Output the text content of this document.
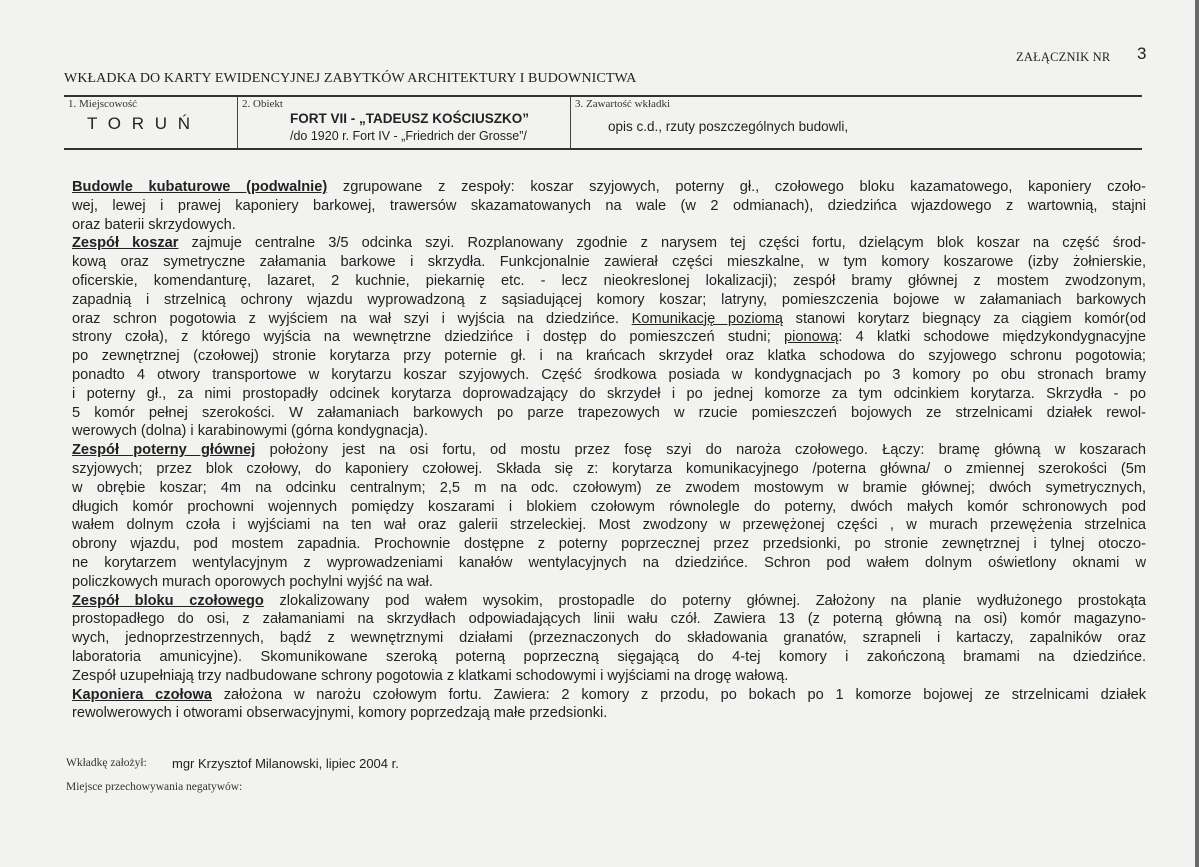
ZAŁĄCZNIK NR 3
WKŁADKA DO KARTY EWIDENCYJNEJ ZABYTKÓW ARCHITEKTURY I BUDOWNICTWA
1. Miejscowość
T O R U Ń
2. Obiekt
FORT VII - „TADEUSZ KOŚCIUSZKO”
/do 1920 r. Fort IV - „Friedrich der Grosse”/
3. Zawartość wkładki
opis c.d., rzuty poszczególnych budowli,
Budowle kubaturowe (podwalnie) zgrupowane z zespoły: koszar szyjowych, poterny gł., czołowego bloku kazamatowego, kaponiery czoło-
wej, lewej i prawej kaponiery barkowej, trawersów skazamatowanych na wale (w 2 odmianach), dziedzińca wjazdowego z wartownią, stajni
oraz baterii skrzydowych.
Zespół koszar zajmuje centralne 3/5 odcinka szyi. Rozplanowany zgodnie z narysem tej części fortu, dzielącym blok koszar na część środ-
kową oraz symetryczne załamania barkowe i skrzydła. Funkcjonalnie zawierał części mieszkalne, w tym komory koszarowe (izby żołnierskie,
oficerskie, komendanturę, lazaret, 2 kuchnie, piekarnię etc. - lecz nieokreslonej lokalizacji); zespół bramy głównej z mostem zwodzonym,
zapadnią i strzelnicą ochrony wjazdu wyprowadzoną z sąsiadującej komory koszar; latryny, pomieszczenia bojowe w załamaniach barkowych
oraz schron pogotowia z wyjściem na wał szyi i wyjścia na dziedzińce. Komunikację poziomą stanowi korytarz biegnący za ciągiem komór(od
strony czoła), z którego wyjścia na wewnętrzne dziedzińce i dostęp do pomieszczeń studni; pionową: 4 klatki schodowe międzykondygnacyjne
po zewnętrznej (czołowej) stronie korytarza przy poternie gł. i na krańcach skrzydeł oraz klatka schodowa do szyjowego schronu pogotowia;
ponadto 4 otwory transportowe w korytarzu koszar szyjowych. Część środkowa posiada w kondygnacjach po 3 komory po obu stronach bramy
i poterny gł., za nimi prostopadły odcinek korytarza doprowadzający do skrzydeł i po jednej komorze za tym odcinkiem korytarza. Skrzydła - po
5 komór pełnej szerokości. W załamaniach barkowych po parze trapezowych w rzucie pomieszczeń bojowych ze strzelnicami działek rewol-
werowych (dolna) i karabinowymi (górna kondygnacja).
Zespół poterny głównej położony jest na osi fortu, od mostu przez fosę szyi do naroża czołowego. Łączy: bramę główną w koszarach
szyjowych; przez blok czołowy, do kaponiery czołowej. Składa się z: korytarza komunikacyjnego /poterna główna/ o zmiennej szerokości (5m
w obrębie koszar; 4m na odcinku centralnym; 2,5 m na odc. czołowym) ze zwodem mostowym w bramie głównej; dwóch symetrycznych,
długich komór prochowni wojennych pomiędzy koszarami i blokiem czołowym równolegle do poterny, dwóch małych komór schronowych pod
wałem dolnym czoła i wyjściami na ten wał oraz galerii strzeleckiej. Most zwodzony w przewężonej części , w murach przewężenia strzelnica
obrony wjazdu, pod mostem zapadnia. Prochownie dostępne z poterny poprzecznej przez przedsionki, po stronie zewnętrznej i tylnej otoczo-
ne korytarzem wentylacyjnym z wyprowadzeniami kanałów wentylacyjnych na dziedzińce. Schron pod wałem dolnym oświetlony oknami w
policzkowych murach oporowych pochylni wyjść na wał.
Zespół bloku czołowego zlokalizowany pod wałem wysokim, prostopadle do poterny głównej. Założony na planie wydłużonego prostokąta
prostopadłego do osi, z załamaniami na skrzydłach odpowiadających linii wału czół. Zawiera 13 (z poterną główną na osi) komór magazyno-
wych, jednoprzestrzennych, bądź z wewnętrznymi działami (przeznaczonych do składowania granatów, szrapneli i kartaczy, zapalników oraz
laboratoria amunicyjne). Skomunikowane szeroką poterną poprzeczną sięgającą do 4-tej komory i zakończoną bramami na dziedzińce.
Zespół uzupełniają trzy nadbudowane schrony pogotowia z klatkami schodowymi i wyjściami na drogę wałową.
Kaponiera czołowa założona w narożu czołowym fortu. Zawiera: 2 komory z przodu, po bokach po 1 komorze bojowej ze strzelnicami działek
rewolwerowych i otworami obserwacyjnymi, komory poprzedzają małe przedsionki.
Wkładkę założył: mgr Krzysztof Milanowski, lipiec 2004 r.
Miejsce przechowywania negatywów:
